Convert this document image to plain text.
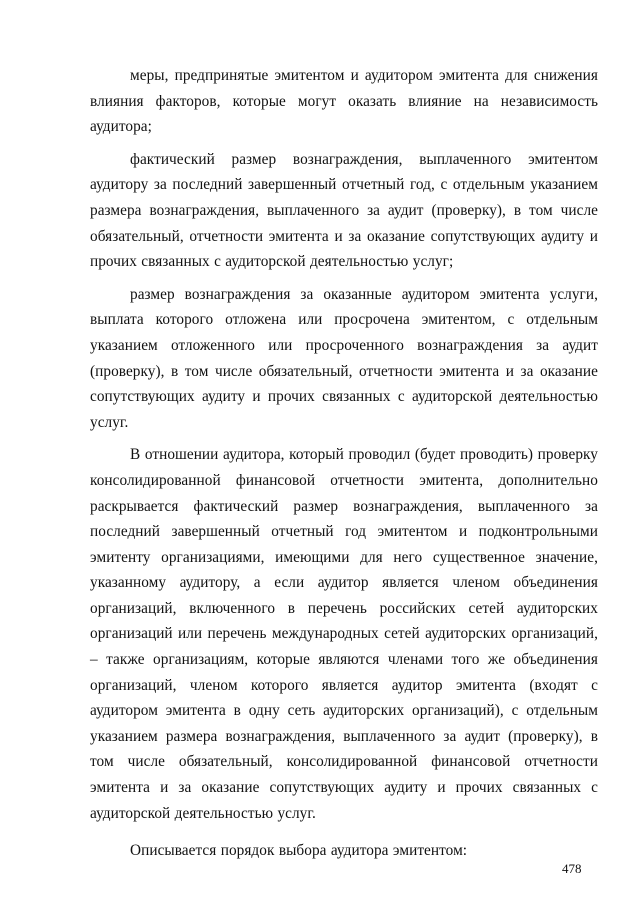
меры, предпринятые эмитентом и аудитором эмитента для снижения влияния факторов, которые могут оказать влияние на независимость аудитора;

фактический размер вознаграждения, выплаченного эмитентом аудитору за последний завершенный отчетный год, с отдельным указанием размера вознаграждения, выплаченного за аудит (проверку), в том числе обязательный, отчетности эмитента и за оказание сопутствующих аудиту и прочих связанных с аудиторской деятельностью услуг;

размер вознаграждения за оказанные аудитором эмитента услуги, выплата которого отложена или просрочена эмитентом, с отдельным указанием отложенного или просроченного вознаграждения за аудит (проверку), в том числе обязательный, отчетности эмитента и за оказание сопутствующих аудиту и прочих связанных с аудиторской деятельностью услуг.

В отношении аудитора, который проводил (будет проводить) проверку консолидированной финансовой отчетности эмитента, дополнительно раскрывается фактический размер вознаграждения, выплаченного за последний завершенный отчетный год эмитентом и подконтрольными эмитенту организациями, имеющими для него существенное значение, указанному аудитору, а если аудитор является членом объединения организаций, включенного в перечень российских сетей аудиторских организаций или перечень международных сетей аудиторских организаций, – также организациям, которые являются членами того же объединения организаций, членом которого является аудитор эмитента (входят с аудитором эмитента в одну сеть аудиторских организаций), с отдельным указанием размера вознаграждения, выплаченного за аудит (проверку), в том числе обязательный, консолидированной финансовой отчетности эмитента и за оказание сопутствующих аудиту и прочих связанных с аудиторской деятельностью услуг.

Описывается порядок выбора аудитора эмитентом:

478
